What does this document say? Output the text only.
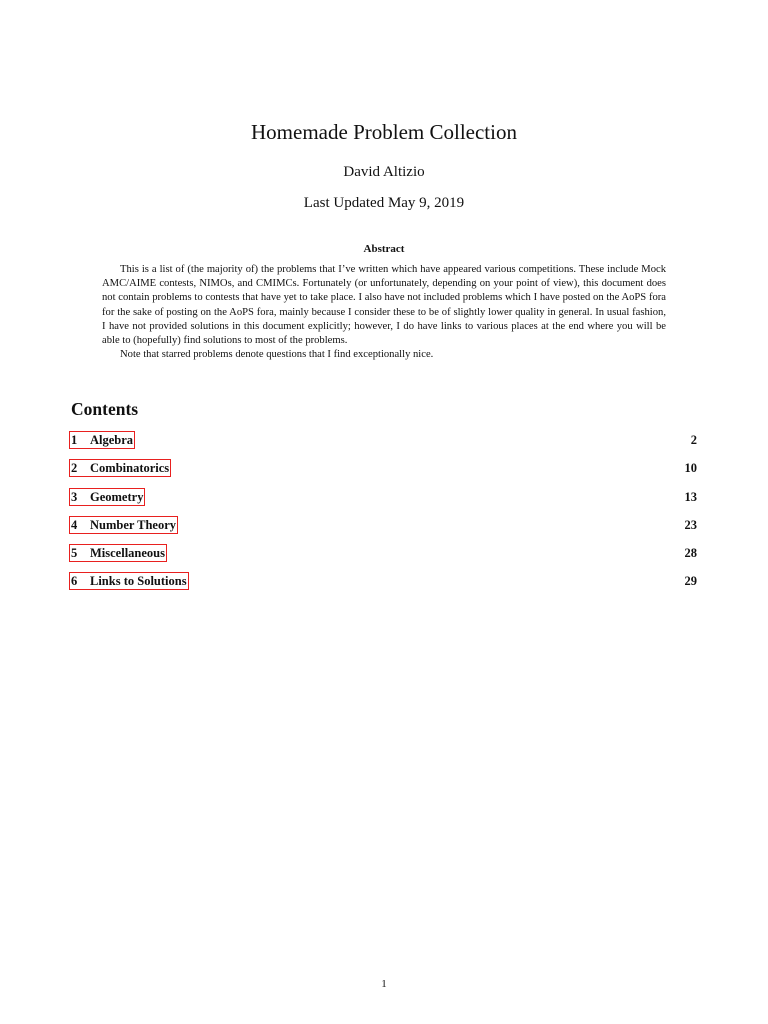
Homemade Problem Collection
David Altizio
Last Updated May 9, 2019
Abstract

This is a list of (the majority of) the problems that I’ve written which have appeared various competitions. These include Mock AMC/AIME contests, NIMOs, and CMIMCs. Fortunately (or unfortunately, depending on your point of view), this document does not contain problems to contests that have yet to take place. I also have not included problems which I have posted on the AoPS fora for the sake of posting on the AoPS fora, mainly because I consider these to be of slightly lower quality in general. In usual fashion, I have not provided solutions in this document explicitly; however, I do have links to various places at the end where you will be able to (hopefully) find solutions to most of the problems.

Note that starred problems denote questions that I find exceptionally nice.

Contents
1 Algebra	2
2 Combinatorics	10
3 Geometry	13
4 Number Theory	23
5 Miscellaneous	28
6 Links to Solutions	29
1
